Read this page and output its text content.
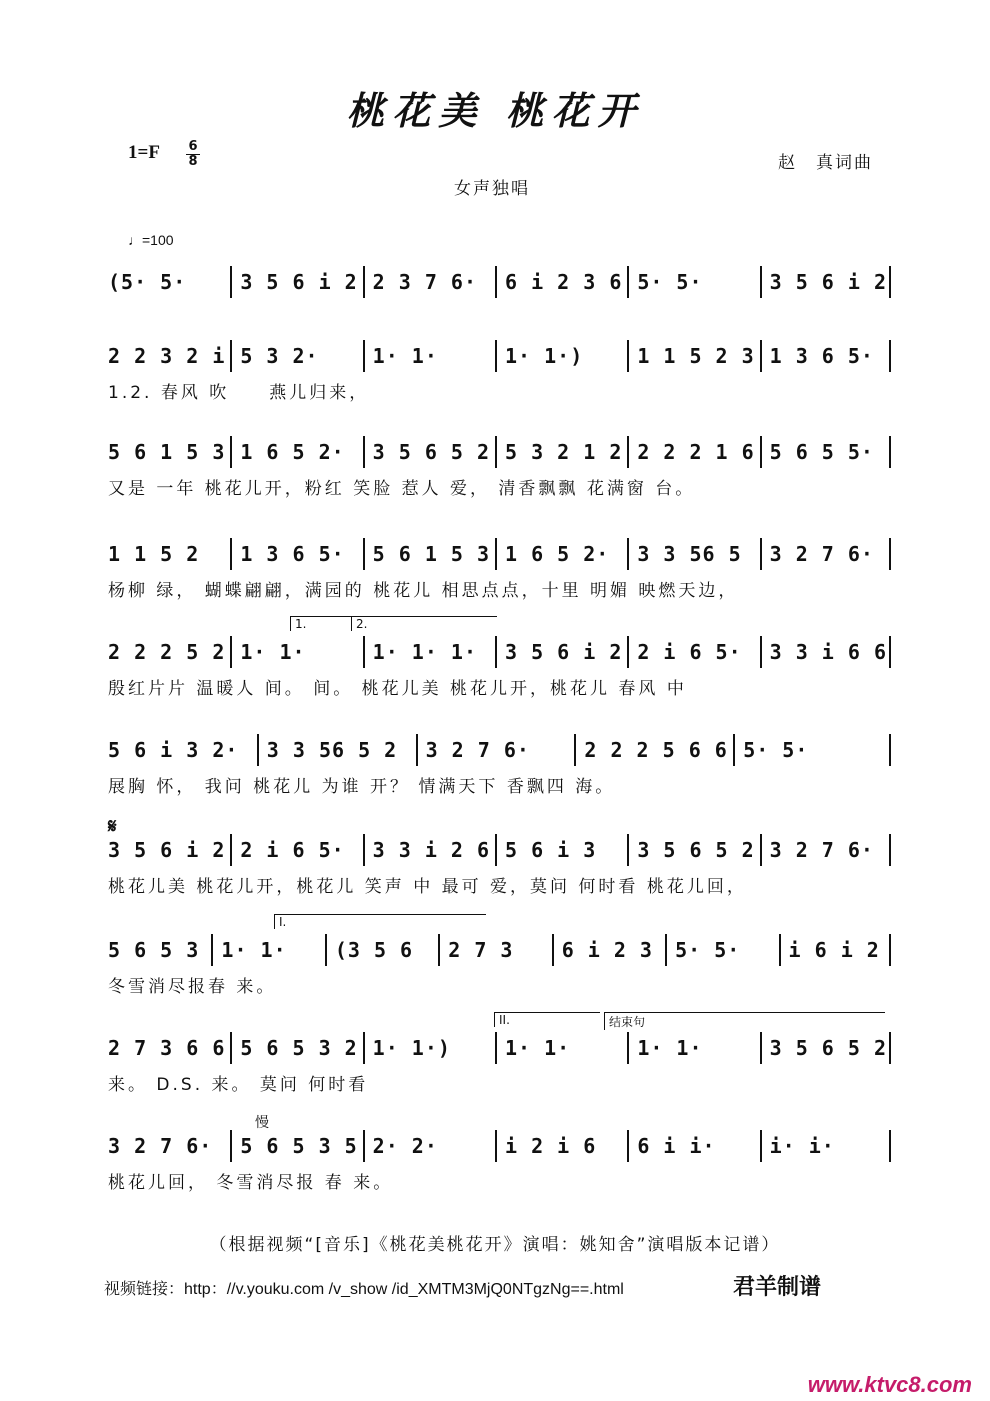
桃花美 桃花开
1=F 6
8	赵　真词曲
女声独唱
♩=100
(5· 5·	3 5 6 i 2 2 3 7 6·	6 i 2 3 6 5· 5·	3 5 6 i 2
2 2 3 2 i 5 3 2·	1· 1·	1· 1·)	1 1 5 2 3 1 3 6 5·
1.2. 春风 吹　　燕儿归来，
5 6 1 5 3 1 6 5 2·	3 5 6 5 2 5 3 2 1 2 2 2 2 1 6 5 6 5 5·
又是 一年 桃花儿开，粉红 笑脸 惹人 爱， 清香飘飘 花满窗 台。
1 1 5 2	1 3 6 5·	5 6 1 5 3 1 6 5 2·	3 3 56 5	3 2 7 6·
杨柳 绿， 蝴蝶翩翩，满园的 桃花儿 相思点点，十里 明媚 映燃天边，
2 2 2 5 2 1· 1·	1· 1· 1·	3 5 6 i 2 2 i 6 5·	3 3 i 6 6
殷红片片 温暖人 间。 间。 桃花儿美 桃花儿开，桃花儿 春风 中
5 6 i 3 2·	3 3 56 5 2	3 2 7 6·	2 2 2 5 6 6 5· 5·
展胸 怀， 我问 桃花儿 为谁 开？ 情满天下 香飘四 海。
3 5 6 i 2 2 i 6 5·	3 3 i 2 6 5 6 i 3	3 5 6 5 2 3 2 7 6·
桃花儿美 桃花儿开，桃花儿 笑声 中 最可 爱，莫问 何时看 桃花儿回，
5 6 5 3	1· 1·	(3 5 6	2 7 3	6 i 2 3	5· 5·	i 6 i 2
冬雪消尽报春 来。
2 7 3 6 6 5 6 5 3 2 1· 1·)	1· 1·	1· 1·	3 5 6 5 2
来。 D.S. 来。 莫问 何时看
3 2 7 6·	5 6 5 3 5 2· 2·	i 2 i 6	6 i i·	i· i·
桃花儿回， 冬雪消尽报 春 来。
𝄋
慢
1.	2.
I.
II.	结束句
（根据视频“[音乐]《桃花美桃花开》演唱：姚知舍”演唱版本记谱）
视频链接：http：//v.youku.com /v_show /id_XMTM3MjQ0NTgzNg==.html	君羊制谱
www.ktvc8.com
